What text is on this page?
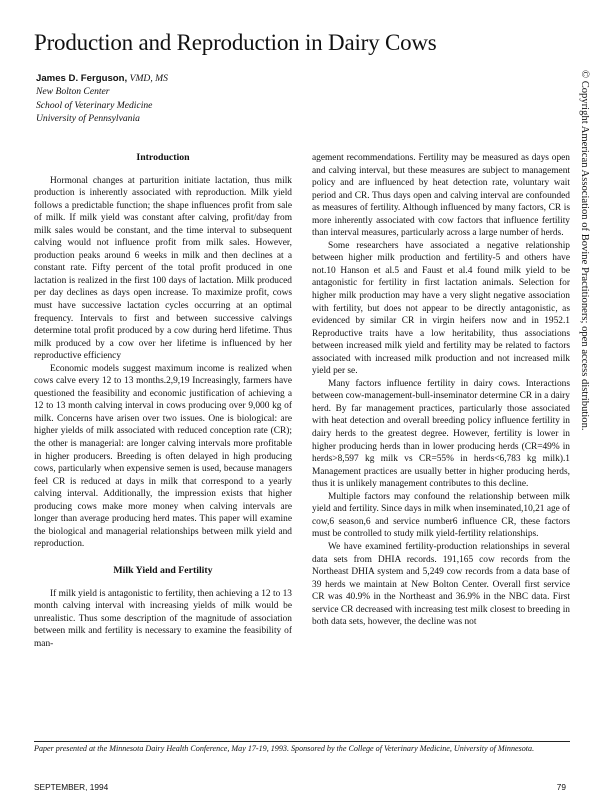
Production and Reproduction in Dairy Cows
James D. Ferguson, VMD, MS
New Bolton Center
School of Veterinary Medicine
University of Pennsylvania
Introduction

Hormonal changes at parturition initiate lactation, thus milk production is inherently associated with reproduction. Milk yield follows a predictable function; the shape influences profit from sale of milk. If milk yield was constant after calving, profit/day from milk sales would be constant, and the time interval to subsequent calving would not influence profit from milk sales. However, production peaks around 6 weeks in milk and then declines at a constant rate. Fifty percent of the total profit produced in one lactation is realized in the first 100 days of lactation. Milk produced per day declines as days open increase. To maximize profit, cows must have successive lactation cycles occurring at an optimal frequency. Intervals to first and between successive calvings determine total profit produced by a cow during herd lifetime. Thus milk produced by a cow over her lifetime is influenced by her reproductive efficiency

Economic models suggest maximum income is realized when cows calve every 12 to 13 months.2,9,19 Increasingly, farmers have questioned the feasibility and economic justification of achieving a 12 to 13 month calving interval in cows producing over 9,000 kg of milk. Concerns have arisen over two issues. One is biological: are higher yields of milk associated with reduced conception rate (CR); the other is managerial: are longer calving intervals more profitable in higher producers. Breeding is often delayed in high producing cows, particularly when expensive semen is used, because managers feel CR is reduced at days in milk that correspond to a yearly calving interval. Additionally, the impression exists that higher producing cows make more money when calving intervals are longer than average producing herd mates. This paper will examine the biological and managerial relationships between milk yield and reproduction.

Milk Yield and Fertility

If milk yield is antagonistic to fertility, then achieving a 12 to 13 month calving interval with increasing yields of milk would be unrealistic. Thus some description of the magnitude of association between milk and fertility is necessary to examine the feasibility of man-

agement recommendations. Fertility may be measured as days open and calving interval, but these measures are subject to management policy and are influenced by heat detection rate, voluntary wait period and CR. Thus days open and calving interval are confounded as measures of fertility. Although influenced by many factors, CR is more inherently associated with cow factors that influence fertility than interval measures, particularly across a large number of herds.

Some researchers have associated a negative relationship between higher milk production and fertility-5 and others have not.10 Hanson et al.5 and Faust et al.4 found milk yield to be antagonistic for fertility in first lactation animals. Selection for higher milk production may have a very slight negative association with fertility, but does not appear to be directly antagonistic, as evidenced by similar CR in virgin heifers now and in 1952.1 Reproductive traits have a low heritability, thus associations between increased milk yield and fertility may be related to factors associated with increased milk production and not increased milk yield per se.

Many factors influence fertility in dairy cows. Interactions between cow-management-bull-inseminator determine CR in a dairy herd. By far management practices, particularly those associated with heat detection and overall breeding policy influence fertility in dairy herds to the greatest degree. However, fertility is lower in higher producing herds than in lower producing herds (CR=49% in herds>8,597 kg milk vs CR=55% in herds<6,783 kg milk).1 Management practices are usually better in higher producing herds, thus it is unlikely management contributes to this decline.

Multiple factors may confound the relationship between milk yield and fertility. Since days in milk when inseminated,10,21 age of cow,6 season,6 and service number6 influence CR, these factors must be controlled to study milk yield-fertility relationships.

We have examined fertility-production relationships in several data sets from DHIA records. 191,165 cow records from the Northeast DHIA system and 5,249 cow records from a data base of 39 herds we maintain at New Bolton Center. Overall first service CR was 40.9% in the Northeast and 36.9% in the NBC data. First service CR decreased with increasing test milk closest to breeding in both data sets, however, the decline was not

Paper presented at the Minnesota Dairy Health Conference, May 17-19, 1993. Sponsored by the College of Veterinary Medicine, University of Minnesota.
SEPTEMBER, 1994	79
© Copyright American Association of Bovine Practitioners; open access distribution.
